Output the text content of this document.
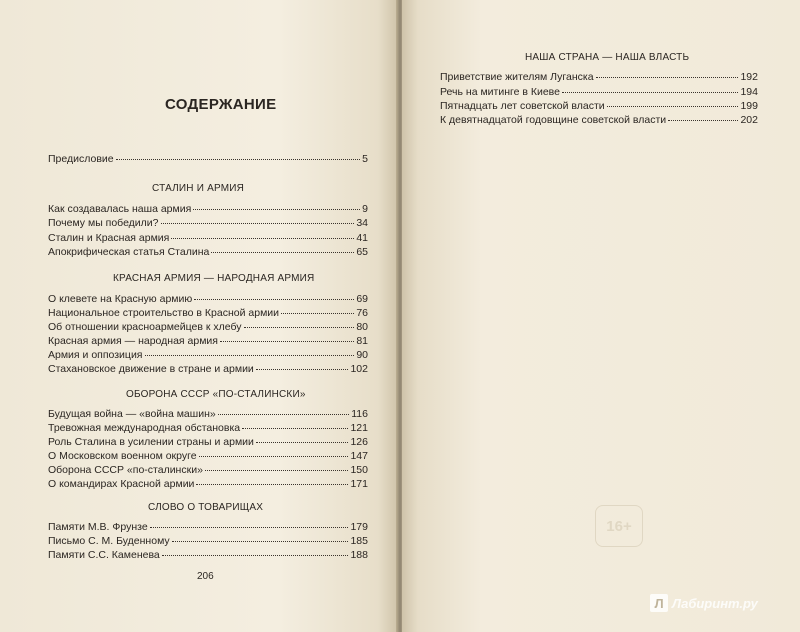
СОДЕРЖАНИЕ
Предисловие	5
СТАЛИН И АРМИЯ
Как создавалась наша армия	9
Почему мы победили?	34
Сталин и Красная армия	41
Апокрифическая статья Сталина	65
КРАСНАЯ АРМИЯ — НАРОДНАЯ АРМИЯ
О клевете на Красную армию	69
Национальное строительство в Красной армии	76
Об отношении красноармейцев к хлебу	80
Красная армия — народная армия	81
Армия и оппозиция	90
Стахановское движение в стране и армии	102
ОБОРОНА СССР «ПО-СТАЛИНСКИ»
Будущая война — «война машин»	116
Тревожная международная обстановка	121
Роль Сталина в усилении страны и армии	126
О Московском военном округе	147
Оборона СССР «по-сталински»	150
О командирах Красной армии	171
СЛОВО О ТОВАРИЩАХ
Памяти М.В. Фрунзе	179
Письмо С. М. Буденному	185
Памяти С.С. Каменева	188
206
НАША СТРАНА — НАША ВЛАСТЬ
Приветствие жителям Луганска	192
Речь на митинге в Киеве	194
Пятнадцать лет советской власти	199
К девятнадцатой годовщине советской власти	202
16+
Л Лабиринт.ру
